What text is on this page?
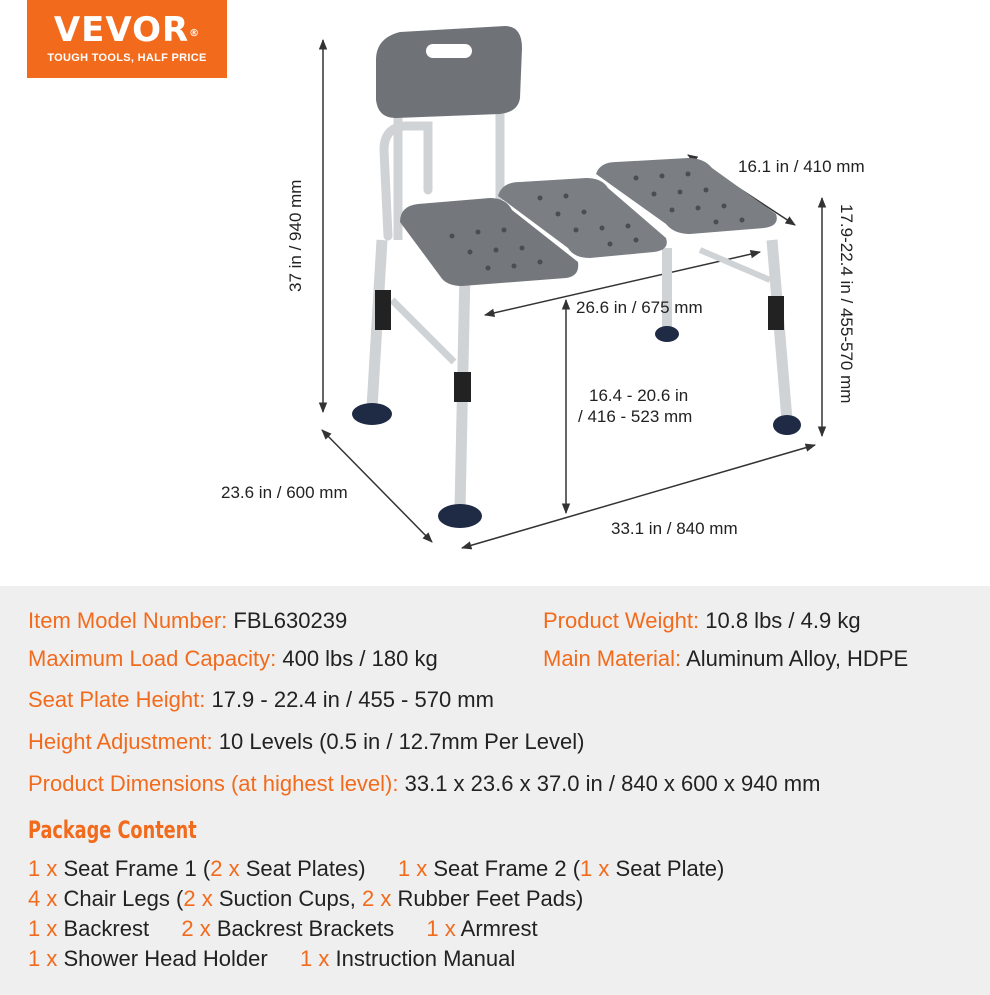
VEVOR®
TOUGH TOOLS, HALF PRICE
37 in / 940 mm
16.1 in / 410 mm
17.9-22.4 in / 455-570 mm
26.6 in / 675 mm
16.4 - 20.6 in
/ 416 - 523 mm
23.6 in / 600 mm
33.1 in / 840 mm
Item Model Number: FBL630239	Product Weight: 10.8 lbs / 4.9 kg
Maximum Load Capacity: 400 lbs / 180 kg	Main Material: Aluminum Alloy, HDPE
Seat Plate Height: 17.9 - 22.4 in / 455 - 570 mm
Height Adjustment: 10 Levels (0.5 in / 12.7mm Per Level)
Product Dimensions (at highest level): 33.1 x 23.6 x 37.0 in / 840 x 600 x 940 mm
Package Content
1 x Seat Frame 1 (2 x Seat Plates) 1 x Seat Frame 2 (1 x Seat Plate)
4 x Chair Legs (2 x Suction Cups, 2 x Rubber Feet Pads)
1 x Backrest 2 x Backrest Brackets 1 x Armrest
1 x Shower Head Holder 1 x Instruction Manual
